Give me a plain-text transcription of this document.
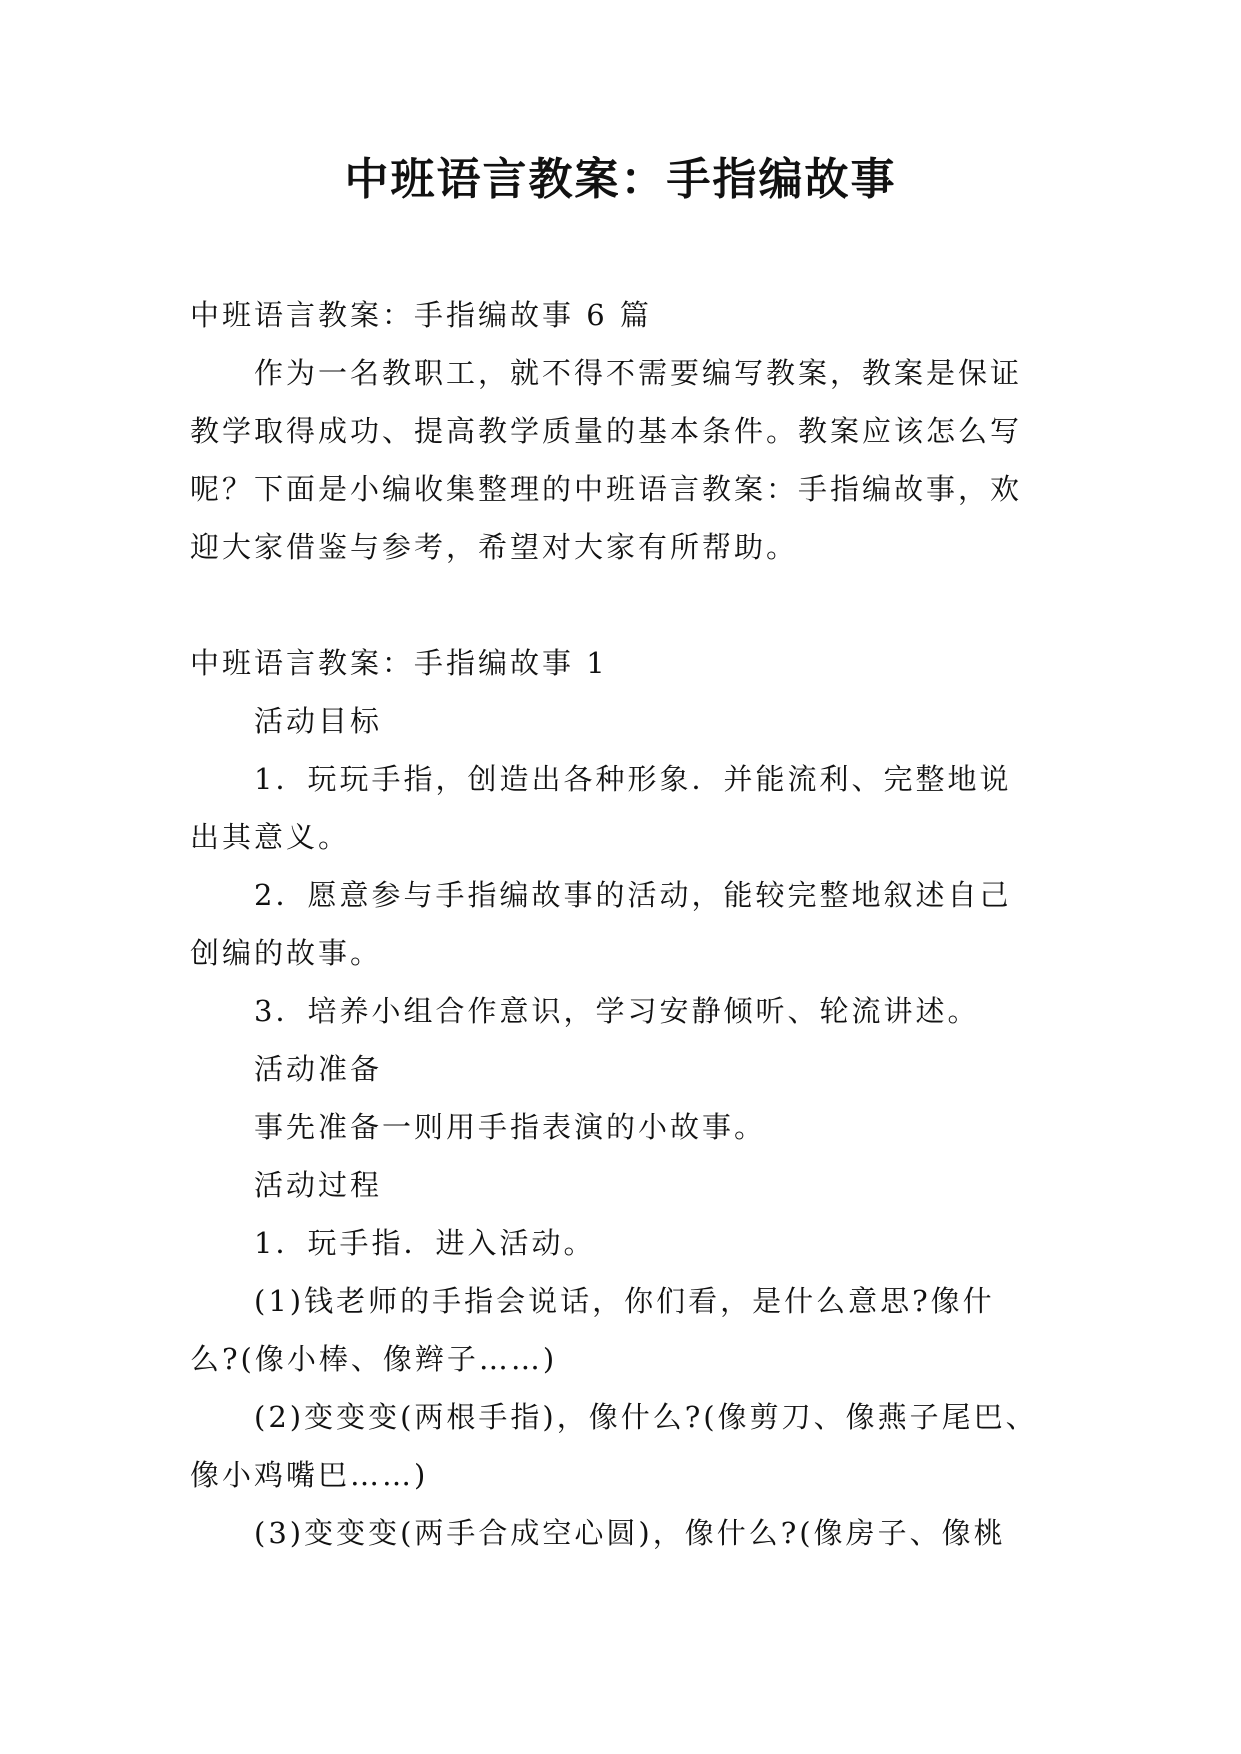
中班语言教案：手指编故事

中班语言教案：手指编故事 6 篇

作为一名教职工，就不得不需要编写教案，教案是保证

教学取得成功、提高教学质量的基本条件。教案应该怎么写

呢？下面是小编收集整理的中班语言教案：手指编故事，欢

迎大家借鉴与参考，希望对大家有所帮助。

中班语言教案：手指编故事 1

活动目标

1．玩玩手指，创造出各种形象．并能流利、完整地说

出其意义。

2．愿意参与手指编故事的活动，能较完整地叙述自己

创编的故事。

3．培养小组合作意识，学习安静倾听、轮流讲述。

活动准备

事先准备一则用手指表演的小故事。

活动过程

1．玩手指．进入活动。

(1)钱老师的手指会说话，你们看，是什么意思?像什

么?(像小棒、像辫子……)

(2)变变变(两根手指)，像什么?(像剪刀、像燕子尾巴、

像小鸡嘴巴……)

(3)变变变(两手合成空心圆)，像什么?(像房子、像桃
